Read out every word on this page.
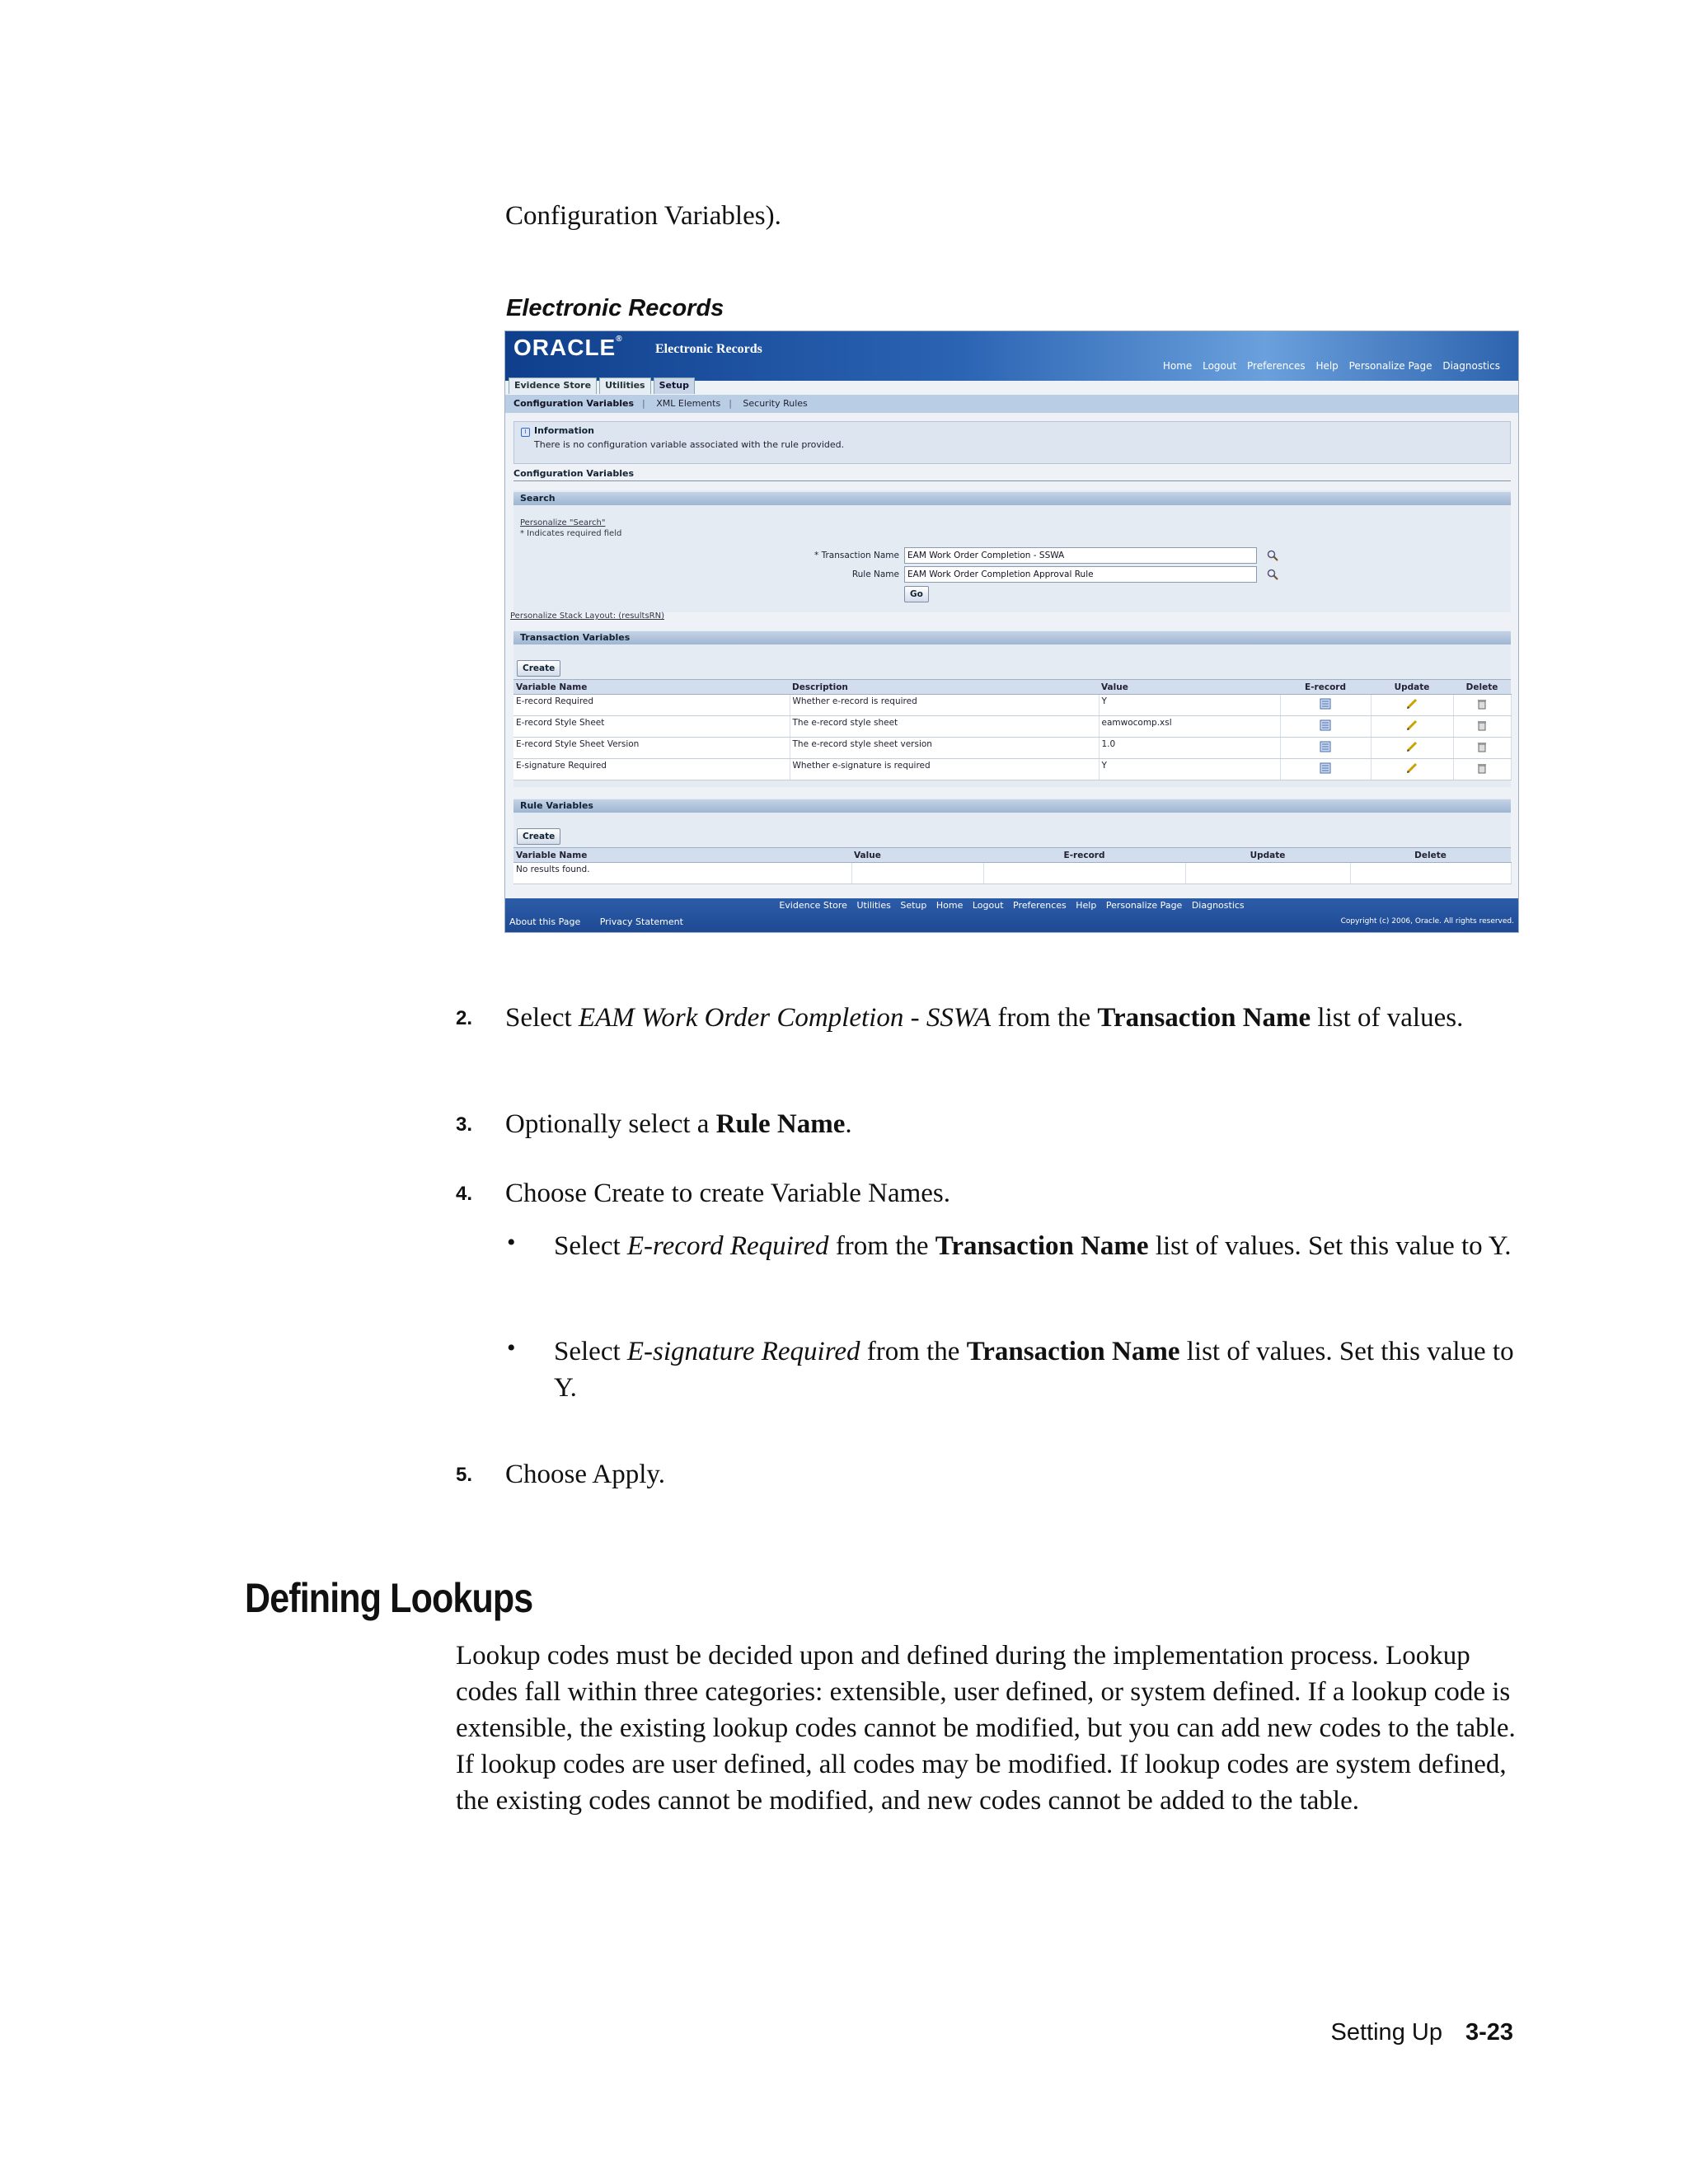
Configuration Variables).
Electronic Records
ORACLE®
Electronic Records
Home Logout Preferences Help Personalize Page Diagnostics
Evidence Store Utilities Setup
Configuration Variables | XML Elements | Security Rules
i Information
There is no configuration variable associated with the rule provided.
Configuration Variables
Search
Personalize "Search"
* Indicates required field
* Transaction Name EAM Work Order Completion - SSWA
Rule Name EAM Work Order Completion Approval Rule
Go
Personalize Stack Layout: (resultsRN)
Transaction Variables
Create
Variable Name	Description	Value	E-record	Update	Delete
E-record Required	Whether e-record is required	Y			
E-record Style Sheet	The e-record style sheet	eamwocomp.xsl			
E-record Style Sheet Version	The e-record style sheet version	1.0			
E-signature Required	Whether e-signature is required	Y			
Rule Variables
Create
Variable Name	Value	E-record	Update	Delete
No results found.				
Evidence Store Utilities Setup Home Logout Preferences Help Personalize Page Diagnostics
About this Page Privacy Statement	Copyright (c) 2006, Oracle. All rights reserved.
2. Select EAM Work Order Completion - SSWA from the Transaction Name list of values.
3. Optionally select a Rule Name.
4. Choose Create to create Variable Names.
• Select E-record Required from the Transaction Name list of values. Set this value to Y.
• Select E-signature Required from the Transaction Name list of values. Set this value to Y.
5. Choose Apply.
Defining Lookups
Lookup codes must be decided upon and defined during the implementation process. Lookup codes fall within three categories: extensible, user defined, or system defined. If a lookup code is extensible, the existing lookup codes cannot be modified, but you can add new codes to the table. If lookup codes are user defined, all codes may be modified. If lookup codes are system defined, the existing codes cannot be modified, and new codes cannot be added to the table.
Setting Up 3-23
